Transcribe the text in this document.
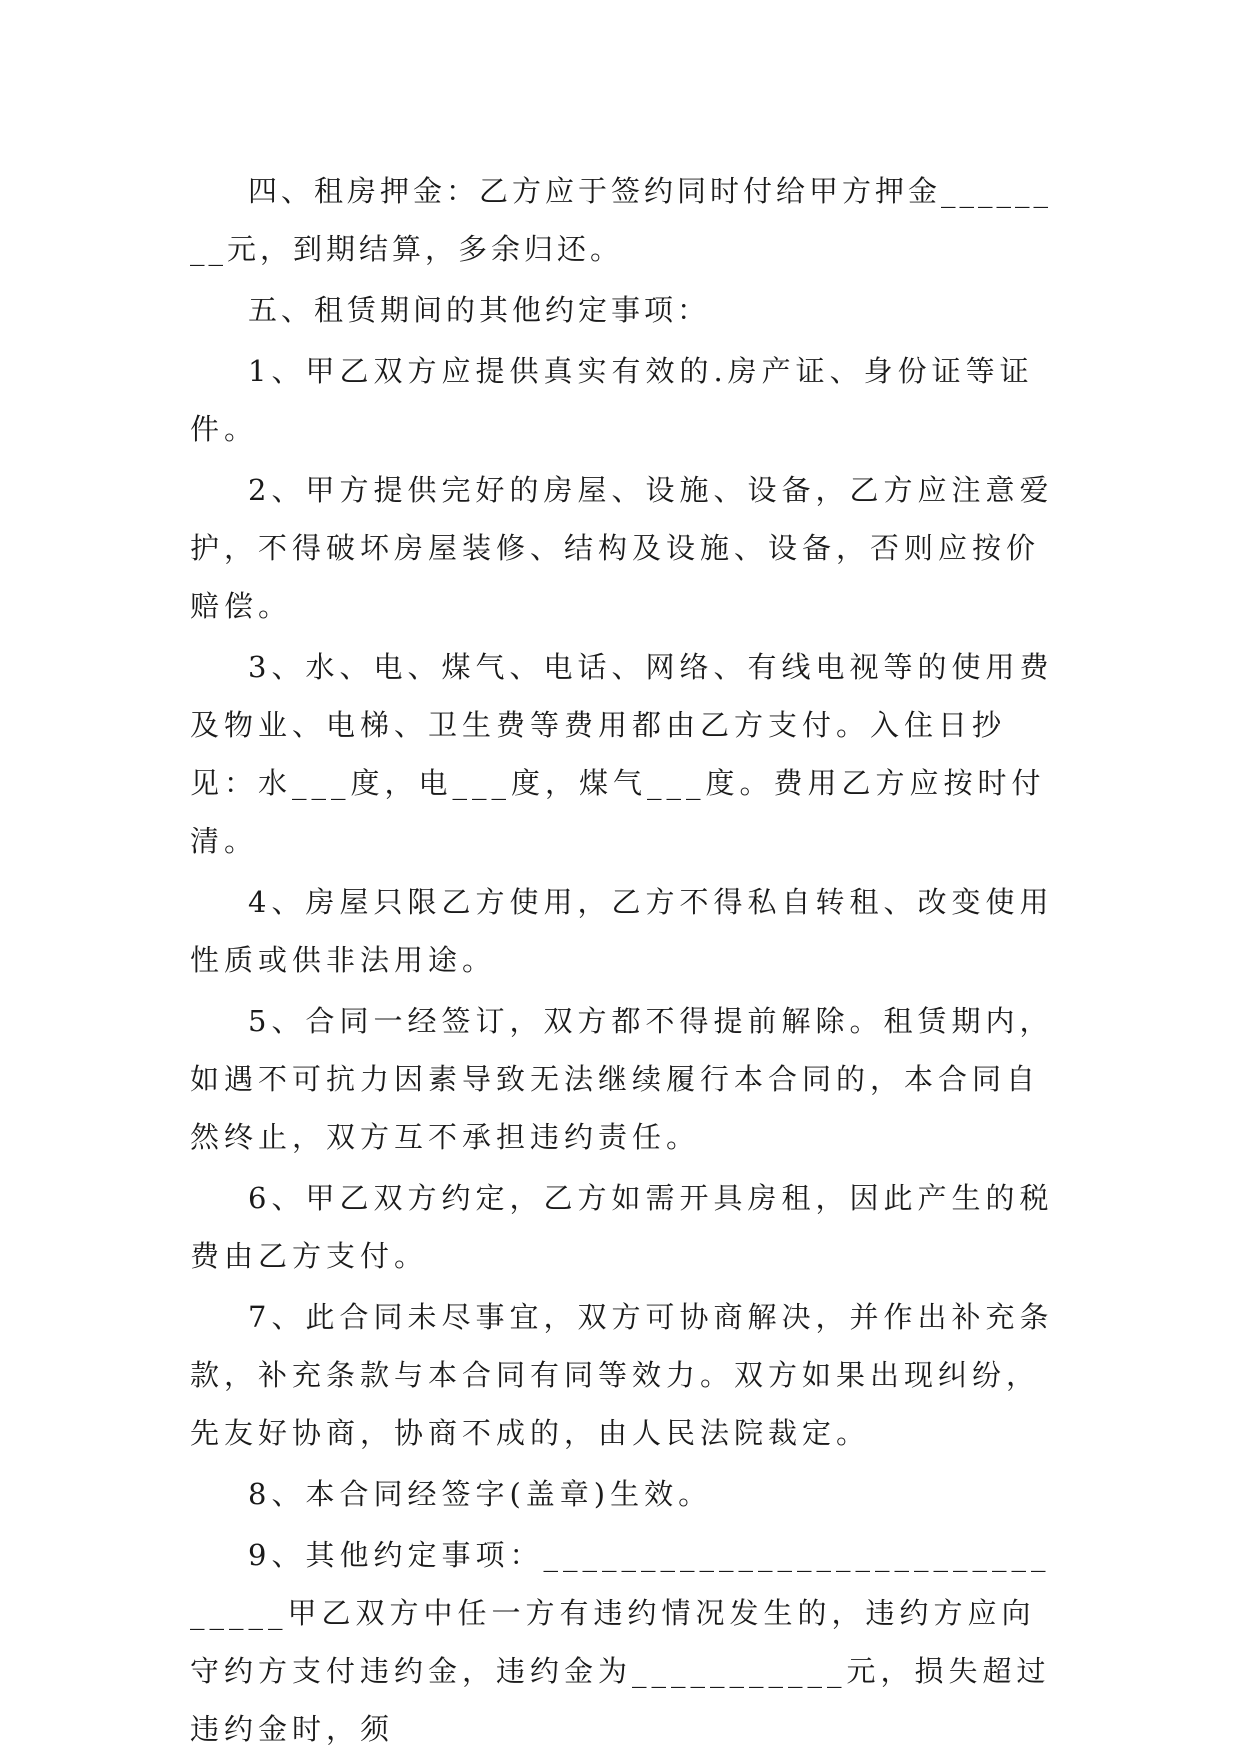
四、租房押金：乙方应于签约同时付给甲方押金________元，到期结算，多余归还。

五、租赁期间的其他约定事项：

1、甲乙双方应提供真实有效的.房产证、身份证等证件。

2、甲方提供完好的房屋、设施、设备，乙方应注意爱护，不得破坏房屋装修、结构及设施、设备，否则应按价赔偿。

3、水、电、煤气、电话、网络、有线电视等的使用费及物业、电梯、卫生费等费用都由乙方支付。入住日抄见：水___度，电___度，煤气___度。费用乙方应按时付清。

4、房屋只限乙方使用，乙方不得私自转租、改变使用性质或供非法用途。

5、合同一经签订，双方都不得提前解除。租赁期内，如遇不可抗力因素导致无法继续履行本合同的，本合同自然终止，双方互不承担违约责任。

6、甲乙双方约定，乙方如需开具房租，因此产生的税费由乙方支付。

7、此合同未尽事宜，双方可协商解决，并作出补充条款，补充条款与本合同有同等效力。双方如果出现纠纷，先友好协商，协商不成的，由人民法院裁定。

8、本合同经签字(盖章)生效。

9、其他约定事项：_______________________________甲乙双方中任一方有违约情况发生的，违约方应向守约方支付违约金，违约金为___________元，损失超过违约金时，须
